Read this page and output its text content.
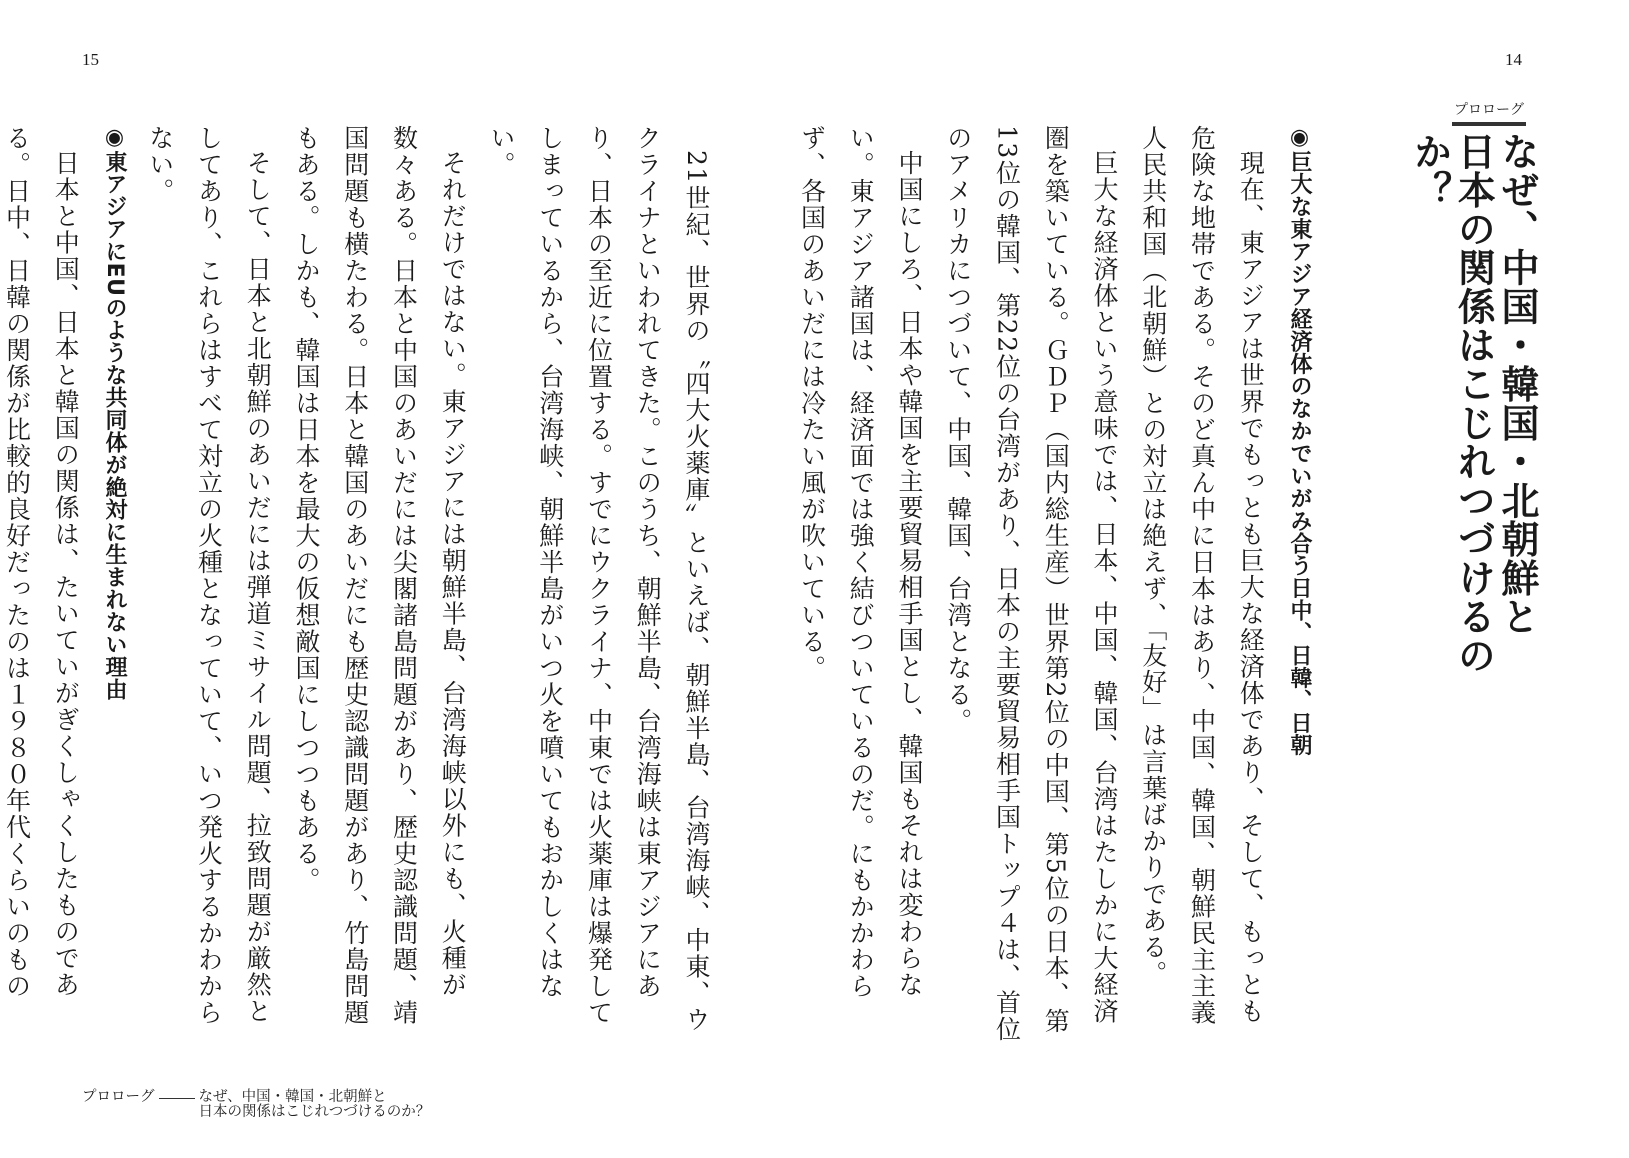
15	14
プロローグ
なぜ、中国・韓国・北朝鮮と
日本の関係はこじれつづけるのか？
◉巨大な東アジア経済体のなかでいがみ合う日中、日韓、日朝

現在、東アジアは世界でもっとも巨大な経済体であり、そして、もっとも危険な地帯である。そのど真ん中に日本はあり、中国、韓国、朝鮮民主主義人民共和国（北朝鮮）との対立は絶えず、「友好」は言葉ばかりである。

巨大な経済体という意味では、日本、中国、韓国、台湾はたしかに大経済圏を築いている。ＧＤＰ（国内総生産）世界第2位の中国、第5位の日本、第13位の韓国、第22位の台湾があり、日本の主要貿易相手国トップ４は、首位のアメリカにつづいて、中国、韓国、台湾となる。

中国にしろ、日本や韓国を主要貿易相手国とし、韓国もそれは変わらない。東アジア諸国は、経済面では強く結びついているのだ。にもかかわらず、各国のあいだには冷たい風が吹いている。

21世紀、世界の〝四大火薬庫〟といえば、朝鮮半島、台湾海峡、中東、ウクライナといわれてきた。このうち、朝鮮半島、台湾海峡は東アジアにあり、日本の至近に位置する。すでにウクライナ、中東では火薬庫は爆発してしまっているから、台湾海峡、朝鮮半島がいつ火を噴いてもおかしくはない。

それだけではない。東アジアには朝鮮半島、台湾海峡以外にも、火種が数々ある。日本と中国のあいだには尖閣諸島問題があり、歴史認識問題、靖国問題も横たわる。日本と韓国のあいだにも歴史認識問題があり、竹島問題もある。しかも、韓国は日本を最大の仮想敵国にしつつもある。

そして、日本と北朝鮮のあいだには弾道ミサイル問題、拉致問題が厳然としてあり、これらはすべて対立の火種となっていて、いつ発火するかわからない。

◉東アジアにEUのような共同体が絶対に生まれない理由

日本と中国、日本と韓国の関係は、たいていがぎくしゃくしたものである。日中、日韓の関係が比較的良好だったのは１９８０年代くらいのもの

プロローグ	なぜ、中国・韓国・北朝鮮と
日本の関係はこじれつづけるのか？
